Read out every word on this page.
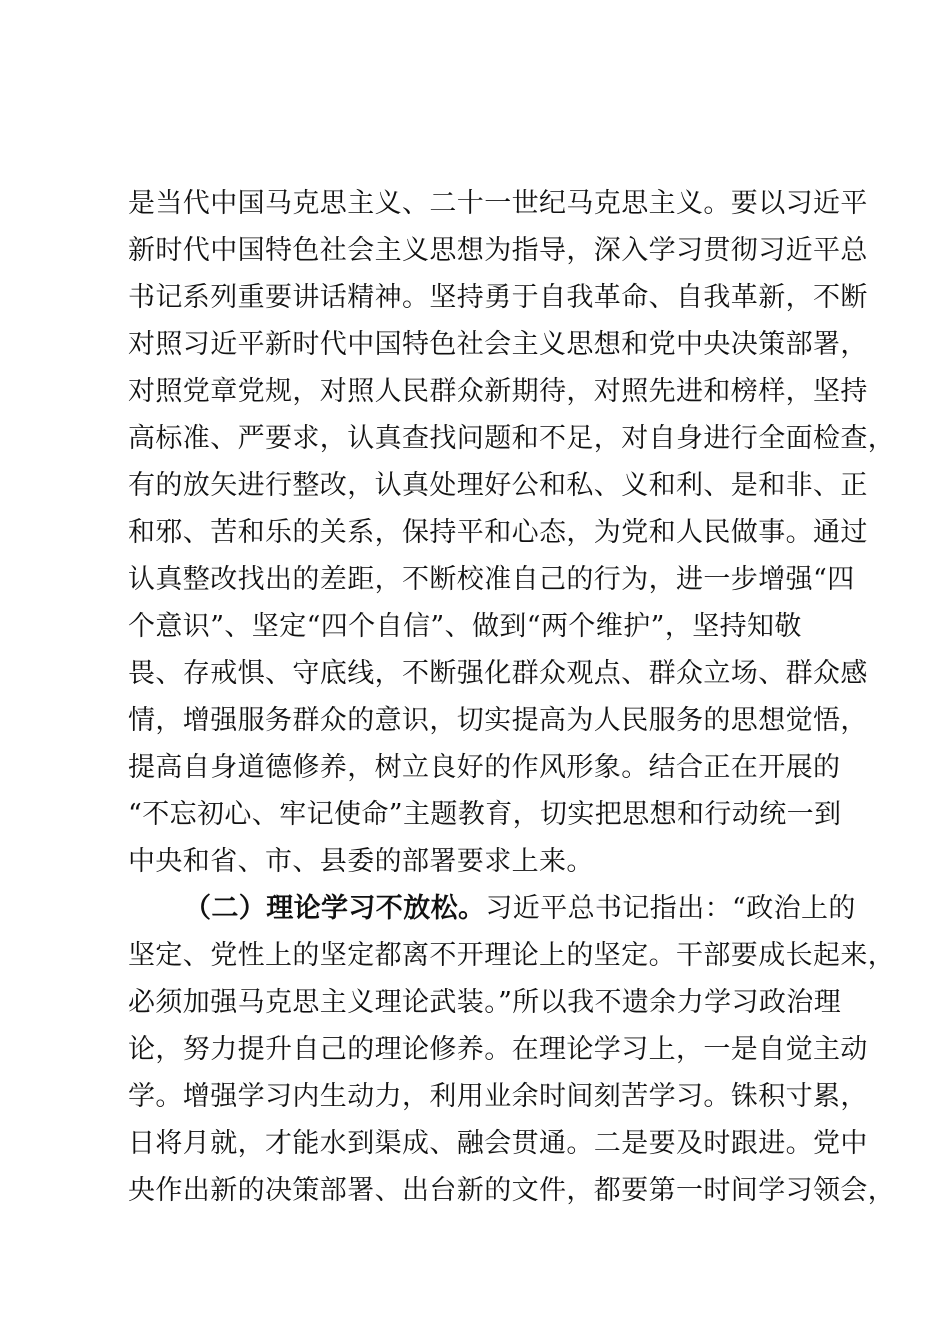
是当代中国马克思主义、二十一世纪马克思主义。要以习近平
新时代中国特色社会主义思想为指导，深入学习贯彻习近平总
书记系列重要讲话精神。坚持勇于自我革命、自我革新，不断
对照习近平新时代中国特色社会主义思想和党中央决策部署，
对照党章党规，对照人民群众新期待，对照先进和榜样，坚持
高标准、严要求，认真查找问题和不足，对自身进行全面检查，
有的放矢进行整改，认真处理好公和私、义和利、是和非、正
和邪、苦和乐的关系，保持平和心态，为党和人民做事。通过
认真整改找出的差距，不断校准自己的行为，进一步增强“四
个意识”、坚定“四个自信”、做到“两个维护”，坚持知敬
畏、存戒惧、守底线，不断强化群众观点、群众立场、群众感
情，增强服务群众的意识，切实提高为人民服务的思想觉悟，
提高自身道德修养，树立良好的作风形象。结合正在开展的
“不忘初心、牢记使命”主题教育，切实把思想和行动统一到
中央和省、市、县委的部署要求上来。
（二）理论学习不放松。习近平总书记指出：“政治上的
坚定、党性上的坚定都离不开理论上的坚定。干部要成长起来，
必须加强马克思主义理论武装。”所以我不遗余力学习政治理
论，努力提升自己的理论修养。在理论学习上，一是自觉主动
学。增强学习内生动力，利用业余时间刻苦学习。铢积寸累，
日将月就，才能水到渠成、融会贯通。二是要及时跟进。党中
央作出新的决策部署、出台新的文件，都要第一时间学习领会，
